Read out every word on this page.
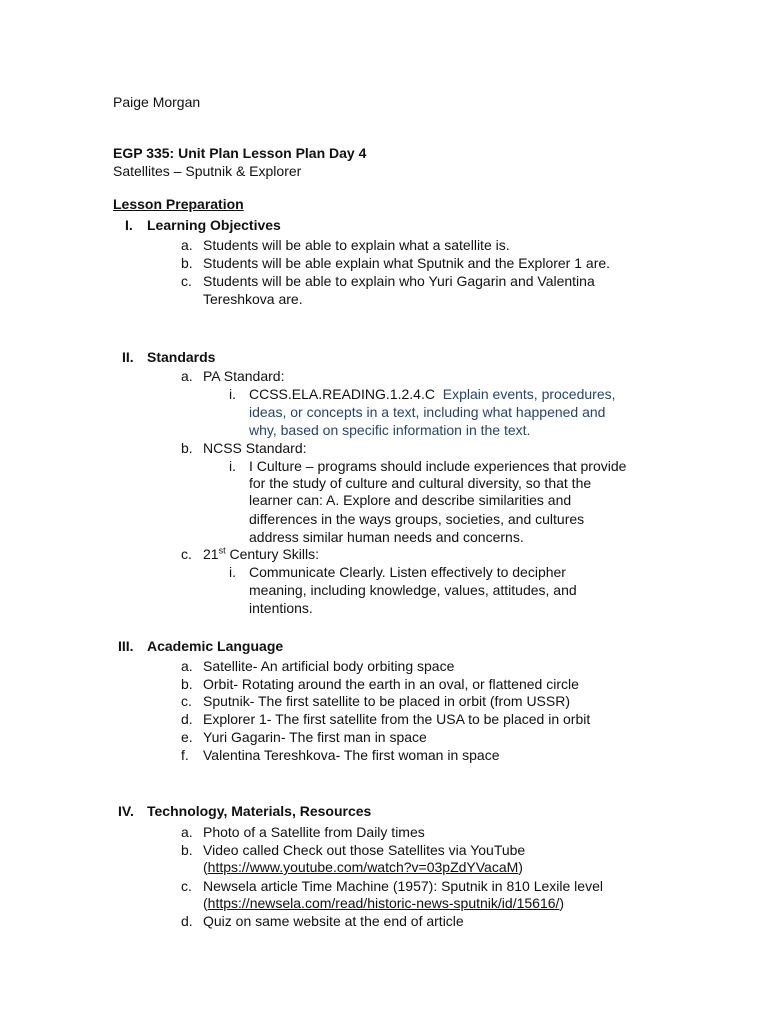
Paige Morgan
EGP 335: Unit Plan Lesson Plan Day 4
Satellites – Sputnik & Explorer
Lesson Preparation
I. Learning Objectives
a. Students will be able to explain what a satellite is.
b. Students will be able explain what Sputnik and the Explorer 1 are.
c. Students will be able to explain who Yuri Gagarin and Valentina
Tereshkova are.
II. Standards
a. PA Standard:
i. CCSS.ELA.READING.1.2.4.C Explain events, procedures,
ideas, or concepts in a text, including what happened and
why, based on specific information in the text.
b. NCSS Standard:
i. I Culture – programs should include experiences that provide
for the study of culture and cultural diversity, so that the
learner can: A. Explore and describe similarities and
differences in the ways groups, societies, and cultures
address similar human needs and concerns.
c. 21st Century Skills:
i. Communicate Clearly. Listen effectively to decipher
meaning, including knowledge, values, attitudes, and
intentions.
III. Academic Language
a. Satellite- An artificial body orbiting space
b. Orbit- Rotating around the earth in an oval, or flattened circle
c. Sputnik- The first satellite to be placed in orbit (from USSR)
d. Explorer 1- The first satellite from the USA to be placed in orbit
e. Yuri Gagarin- The first man in space
f. Valentina Tereshkova- The first woman in space
IV. Technology, Materials, Resources
a. Photo of a Satellite from Daily times
b. Video called Check out those Satellites via YouTube
(https://www.youtube.com/watch?v=03pZdYVacaM)
c. Newsela article Time Machine (1957): Sputnik in 810 Lexile level
(https://newsela.com/read/historic-news-sputnik/id/15616/)
d. Quiz on same website at the end of article
